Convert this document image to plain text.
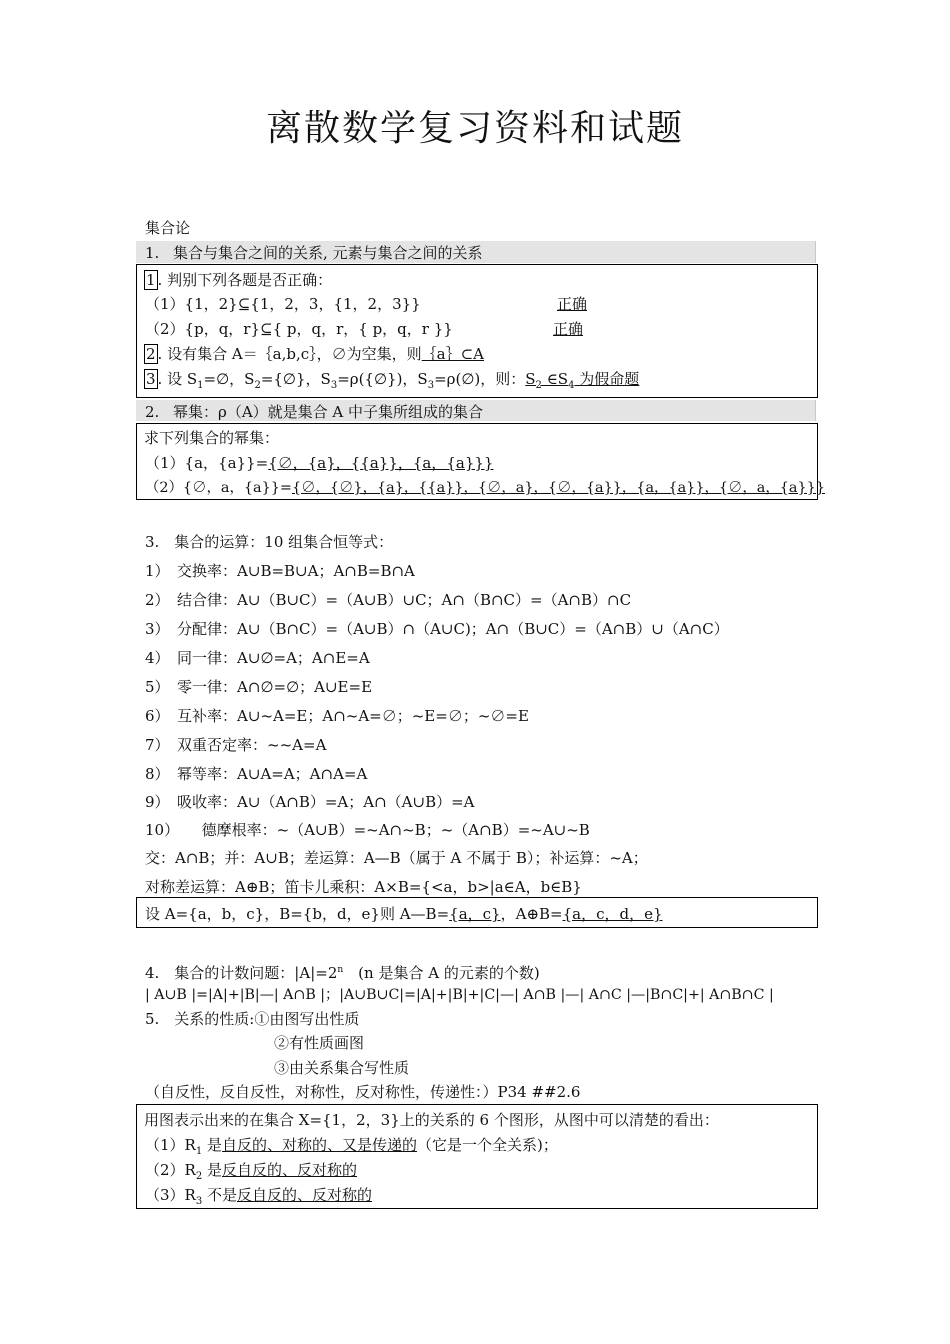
离散数学复习资料和试题
集合论
1. 集合与集合之间的关系, 元素与集合之间的关系
1 . 判别下列各题是否正确：
（1）{1，2}⊆{1，2，3，{1，2，3}}	正确
（2）{p，q，r}⊆{ p，q，r，{ p，q，r }}	正确
2 . 设有集合 A＝｛a,b,c｝，∅为空集，则｛a｝⊂A
3 . 设 $S_1=\emptyset$，$S_2=\{\emptyset\}$，$S_3=\rho(\{\emptyset\})$，$S_3=\rho(\emptyset)$，则：$S_2$ $\in S_4$ 为假命题
2. 幂集：ρ（A）就是集合 A 中子集所组成的集合
求下列集合的幂集：
（1）{a，{a}}={∅，{a}，{{a}}，{a，{a}}}
（2）{∅，a，{a}}={∅，{∅}，{a}，{{a}}，{∅，a}，{∅，{a}}，{a，{a}}，{∅，a，{a}}}
3.　集合的运算：10 组集合恒等式：
1）　交换率：A∪B=B∪A；A∩B=B∩A
2）　结合律：A∪（B∪C）=（A∪B）∪C；A∩（B∩C）=（A∩B）∩C
3）　分配律：A∪（B∩C）=（A∪B）∩（A∪C)；A∩（B∪C）=（A∩B）∪（A∩C）
4）　同一律：A∪∅=A；A∩E=A
5）　零一律：A∩∅=∅；A∪E=E
6）　互补率：A∪~A=E；A∩~A=∅；~E=∅；~∅=E
7）　双重否定率：~~A=A
8）　幂等率：A∪A=A；A∩A=A
9）　吸收率：A∪（A∩B）=A；A∩（A∪B）=A
10）　　德摩根率：~（A∪B）=~A∩~B；~（A∩B）=~A∪~B
交：A∩B；并：A∪B；差运算：A—B（属于 A 不属于 B）；补运算：~A；
对称差运算：A⊕B；笛卡儿乘积：A×B={<a，b>|a∈A，b∈B}
设 A={a，b，c}，B={b，d，e}则 A—B={a，c}，A⊕B={a，c，d，e}
4.　集合的计数问题：$|A|=2^n$　(n 是集合 A 的元素的个数)
| A∪B |=|A|+|B|—| A∩B |；|A∪B∪C|=|A|+|B|+|C|—| A∩B |—| A∩C |—|B∩C|+| A∩B∩C |
5.　关系的性质:①由图写出性质
②有性质画图
③由关系集合写性质
（自反性，反自反性，对称性，反对称性，传递性：）P34 ##2.6
用图表示出来的在集合 X={1，2，3}上的关系的 6 个图形，从图中可以清楚的看出：
$(1)R_1$ 是自反的、对称的、又是传递的（它是一个全关系)；
$(2)R_2$ 是反自反的、反对称的
$(3)R_3$ 不是反自反的、反对称的
